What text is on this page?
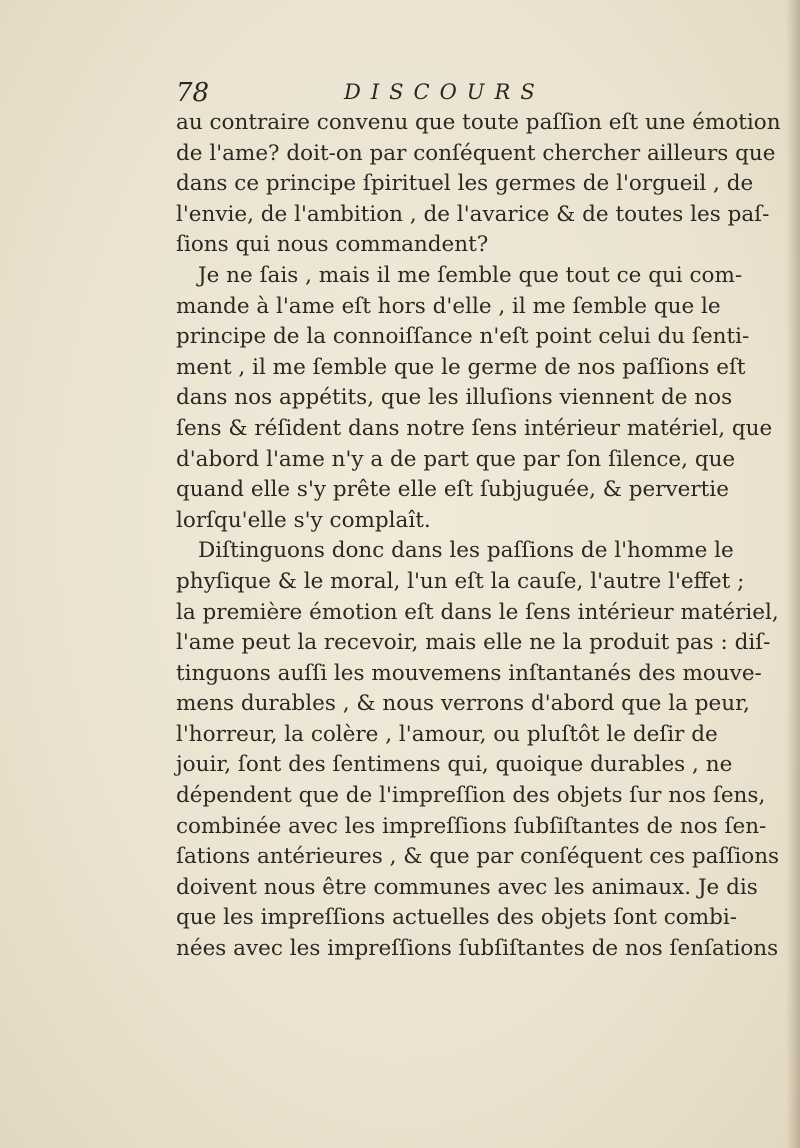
78	DISCOURS
au contraire convenu que toute paſſion eſt une émotion
de l'ame? doit-on par conſéquent chercher ailleurs que
dans ce principe ſpirituel les germes de l'orgueil , de
l'envie, de l'ambition , de l'avarice & de toutes les paſ-
ſions qui nous commandent?
Je ne ſais , mais il me ſemble que tout ce qui com-
mande à l'ame eſt hors d'elle , il me ſemble que le
principe de la connoiſſance n'eſt point celui du ſenti-
ment , il me ſemble que le germe de nos paſſions eſt
dans nos appétits, que les illuſions viennent de nos
ſens & réſident dans notre ſens intérieur matériel, que
d'abord l'ame n'y a de part que par ſon ſilence, que
quand elle s'y prête elle eſt ſubjuguée, & pervertie
lorſqu'elle s'y complaît.
Diſtinguons donc dans les paſſions de l'homme le
phyſique & le moral, l'un eſt la cauſe, l'autre l'effet ;
la première émotion eſt dans le ſens intérieur matériel,
l'ame peut la recevoir, mais elle ne la produit pas : diſ-
tinguons auſſi les mouvemens inſtantanés des mouve-
mens durables , & nous verrons d'abord que la peur,
l'horreur, la colère , l'amour, ou pluſtôt le deſir de
jouir, ſont des ſentimens qui, quoique durables , ne
dépendent que de l'impreſſion des objets ſur nos ſens,
combinée avec les impreſſions ſubſiſtantes de nos ſen-
ſations antérieures , & que par conſéquent ces paſſions
doivent nous être communes avec les animaux. Je dis
que les impreſſions actuelles des objets ſont combi-
nées avec les impreſſions ſubſiſtantes de nos ſenſations
